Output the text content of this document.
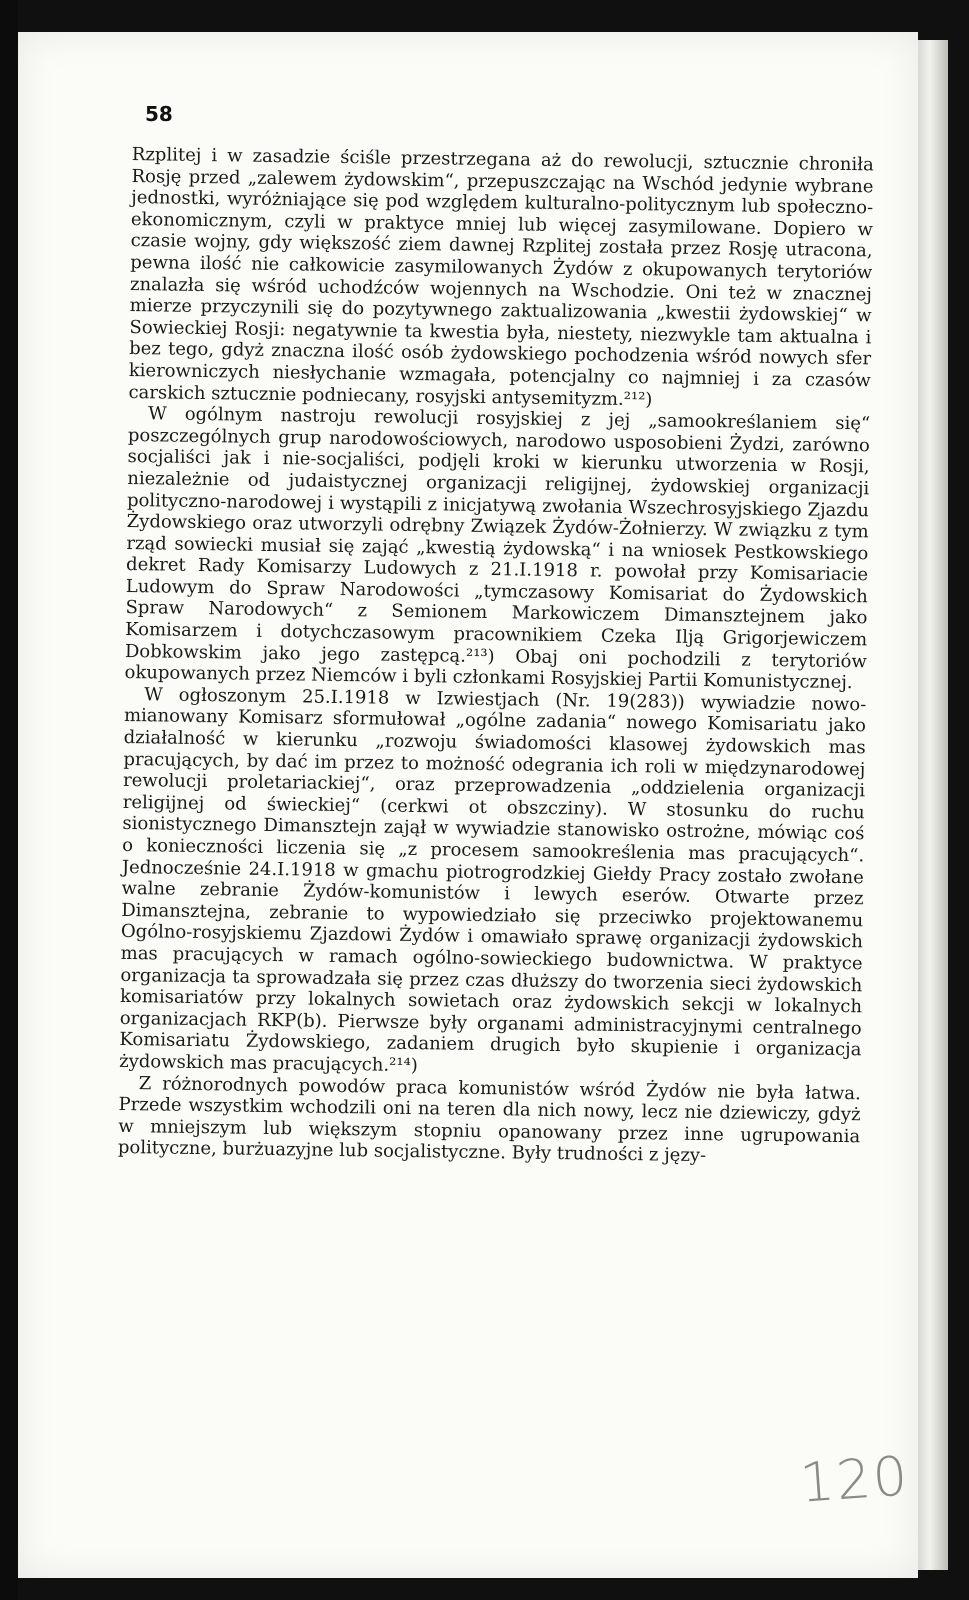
58

Rzplitej i w zasadzie ściśle przestrzegana aż do rewolucji, sztucznie chroniła Rosję przed „zalewem żydowskim“, przepuszczając na Wschód jedynie wybrane jednostki, wyróżniające się pod względem kulturalno-politycznym lub społeczno-ekonomicznym, czyli w praktyce mniej lub więcej zasymilowane. Dopiero w czasie wojny, gdy większość ziem dawnej Rzplitej została przez Rosję utracona, pewna ilość nie całkowicie zasymilowanych Żydów z okupowanych terytoriów znalazła się wśród uchodźców wojennych na Wschodzie. Oni też w znacznej mierze przyczynili się do pozytywnego zaktualizowania „kwestii żydowskiej“ w Sowieckiej Rosji: negatywnie ta kwestia była, niestety, niezwykle tam aktualna i bez tego, gdyż znaczna ilość osób żydowskiego pochodzenia wśród nowych sfer kierowniczych niesłychanie wzmagała, potencjalny co najmniej i za czasów carskich sztucznie podniecany, rosyjski antysemityzm.²¹²)

W ogólnym nastroju rewolucji rosyjskiej z jej „samookreślaniem się“ poszczególnych grup narodowościowych, narodowo usposobieni Żydzi, zarówno socjaliści jak i nie-socjaliści, podjęli kroki w kierunku utworzenia w Rosji, niezależnie od judaistycznej organizacji religijnej, żydowskiej organizacji polityczno-narodowej i wystąpili z inicjatywą zwołania Wszechrosyjskiego Zjazdu Żydowskiego oraz utworzyli odrębny Związek Żydów-Żołnierzy. W związku z tym rząd sowiecki musiał się zająć „kwestią żydowską“ i na wniosek Pestkowskiego dekret Rady Komisarzy Ludowych z 21.I.1918 r. powołał przy Komisariacie Ludowym do Spraw Narodowości „tymczasowy Komisariat do Żydowskich Spraw Narodowych“ z Semionem Markowiczem Dimansztejnem jako Komisarzem i dotychczasowym pracownikiem Czeka Ilją Grigorjewiczem Dobkowskim jako jego zastępcą.²¹³) Obaj oni pochodzili z terytoriów okupowanych przez Niemców i byli członkami Rosyjskiej Partii Komunistycznej.

W ogłoszonym 25.I.1918 w Izwiestjach (Nr. 19(283)) wywiadzie nowo-mianowany Komisarz sformułował „ogólne zadania“ nowego Komisariatu jako działalność w kierunku „rozwoju świadomości klasowej żydowskich mas pracujących, by dać im przez to możność odegrania ich roli w międzynarodowej rewolucji proletariackiej“, oraz przeprowadzenia „oddzielenia organizacji religijnej od świeckiej“ (cerkwi ot obszcziny). W stosunku do ruchu sionistycznego Dimansztejn zajął w wywiadzie stanowisko ostrożne, mówiąc coś o konieczności liczenia się „z procesem samookreślenia mas pracujących“. Jednocześnie 24.I.1918 w gmachu piotrogrodzkiej Giełdy Pracy zostało zwołane walne zebranie Żydów-komunistów i lewych eserów. Otwarte przez Dimansztejna, zebranie to wypowiedziało się przeciwko projektowanemu Ogólno-rosyjskiemu Zjazdowi Żydów i omawiało sprawę organizacji żydowskich mas pracujących w ramach ogólno-sowieckiego budownictwa. W praktyce organizacja ta sprowadzała się przez czas dłuższy do tworzenia sieci żydowskich komisariatów przy lokalnych sowietach oraz żydowskich sekcji w lokalnych organizacjach RKP(b). Pierwsze były organami administracyjnymi centralnego Komisariatu Żydowskiego, zadaniem drugich było skupienie i organizacja żydowskich mas pracujących.²¹⁴)

Z różnorodnych powodów praca komunistów wśród Żydów nie była łatwa. Przede wszystkim wchodzili oni na teren dla nich nowy, lecz nie dziewiczy, gdyż w mniejszym lub większym stopniu opanowany przez inne ugrupowania polityczne, burżuazyjne lub socjalistyczne. Były trudności z języ-

120
